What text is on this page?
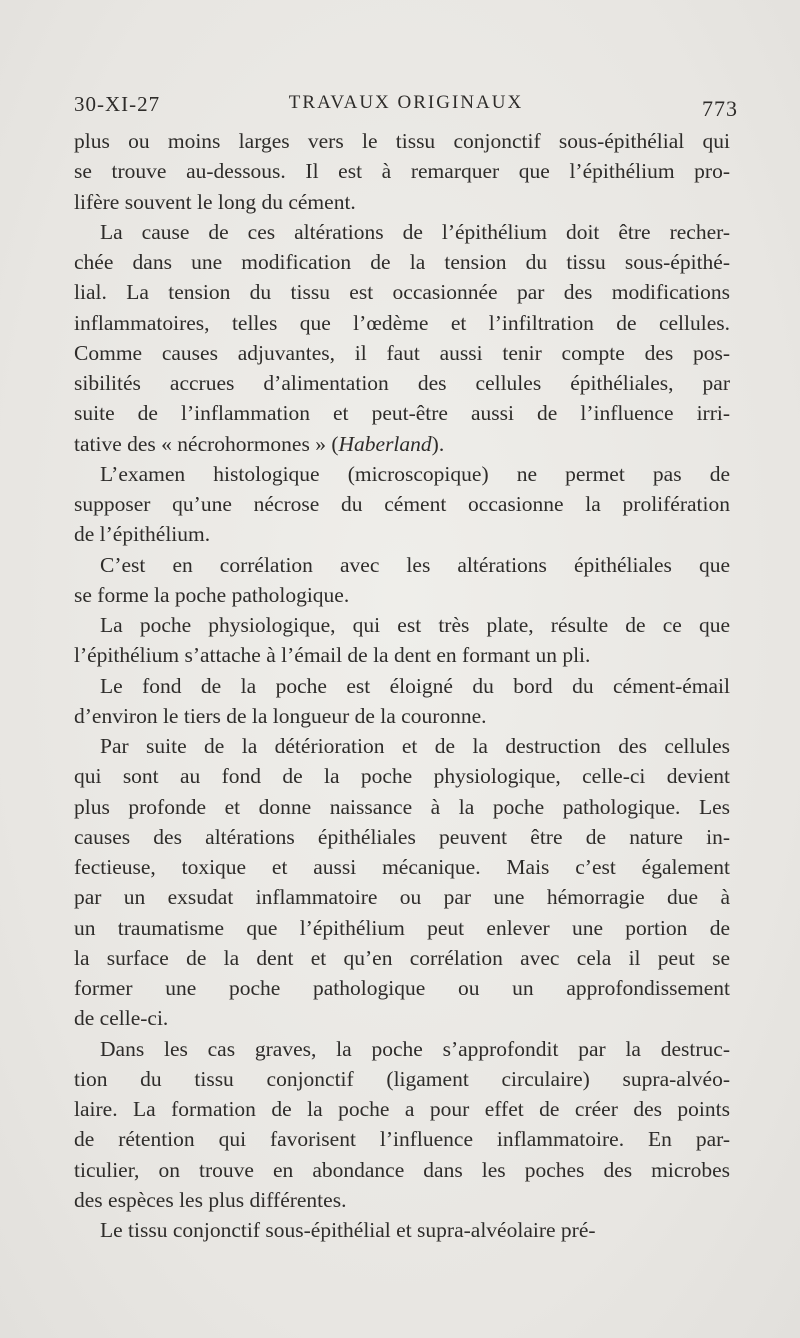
30-XI-27	TRAVAUX ORIGINAUX	773
plus ou moins larges vers le tissu conjonctif sous-épithélial qui
se trouve au-dessous. Il est à remarquer que l’épithélium pro-
lifère souvent le long du cément.
La cause de ces altérations de l’épithélium doit être recher-
chée dans une modification de la tension du tissu sous-épithé-
lial. La tension du tissu est occasionnée par des modifications
inflammatoires, telles que l’œdème et l’infiltration de cellules.
Comme causes adjuvantes, il faut aussi tenir compte des pos-
sibilités accrues d’alimentation des cellules épithéliales, par
suite de l’inflammation et peut-être aussi de l’influence irri-
tative des « nécrohormones » (Haberland).
L’examen histologique (microscopique) ne permet pas de
supposer qu’une nécrose du cément occasionne la prolifération
de l’épithélium.
C’est en corrélation avec les altérations épithéliales que
se forme la poche pathologique.
La poche physiologique, qui est très plate, résulte de ce que
l’épithélium s’attache à l’émail de la dent en formant un pli.
Le fond de la poche est éloigné du bord du cément-émail
d’environ le tiers de la longueur de la couronne.
Par suite de la détérioration et de la destruction des cellules
qui sont au fond de la poche physiologique, celle-ci devient
plus profonde et donne naissance à la poche pathologique. Les
causes des altérations épithéliales peuvent être de nature in-
fectieuse, toxique et aussi mécanique. Mais c’est également
par un exsudat inflammatoire ou par une hémorragie due à
un traumatisme que l’épithélium peut enlever une portion de
la surface de la dent et qu’en corrélation avec cela il peut se
former une poche pathologique ou un approfondissement
de celle-ci.
Dans les cas graves, la poche s’approfondit par la destruc-
tion du tissu conjonctif (ligament circulaire) supra-alvéo-
laire. La formation de la poche a pour effet de créer des points
de rétention qui favorisent l’influence inflammatoire. En par-
ticulier, on trouve en abondance dans les poches des microbes
des espèces les plus différentes.
Le tissu conjonctif sous-épithélial et supra-alvéolaire pré-
